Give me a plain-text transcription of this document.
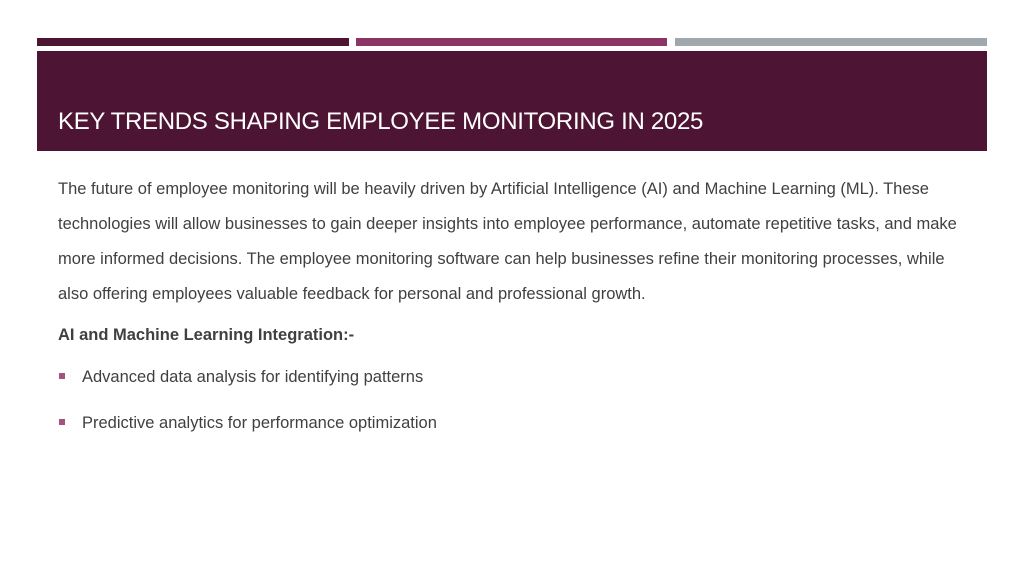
KEY TRENDS SHAPING EMPLOYEE MONITORING IN 2025

The future of employee monitoring will be heavily driven by Artificial Intelligence (AI) and Machine Learning (ML). These technologies will allow businesses to gain deeper insights into employee performance, automate repetitive tasks, and make more informed decisions. The employee monitoring software can help businesses refine their monitoring processes, while also offering employees valuable feedback for personal and professional growth.

AI and Machine Learning Integration:-

Advanced data analysis for identifying patterns
Predictive analytics for performance optimization
